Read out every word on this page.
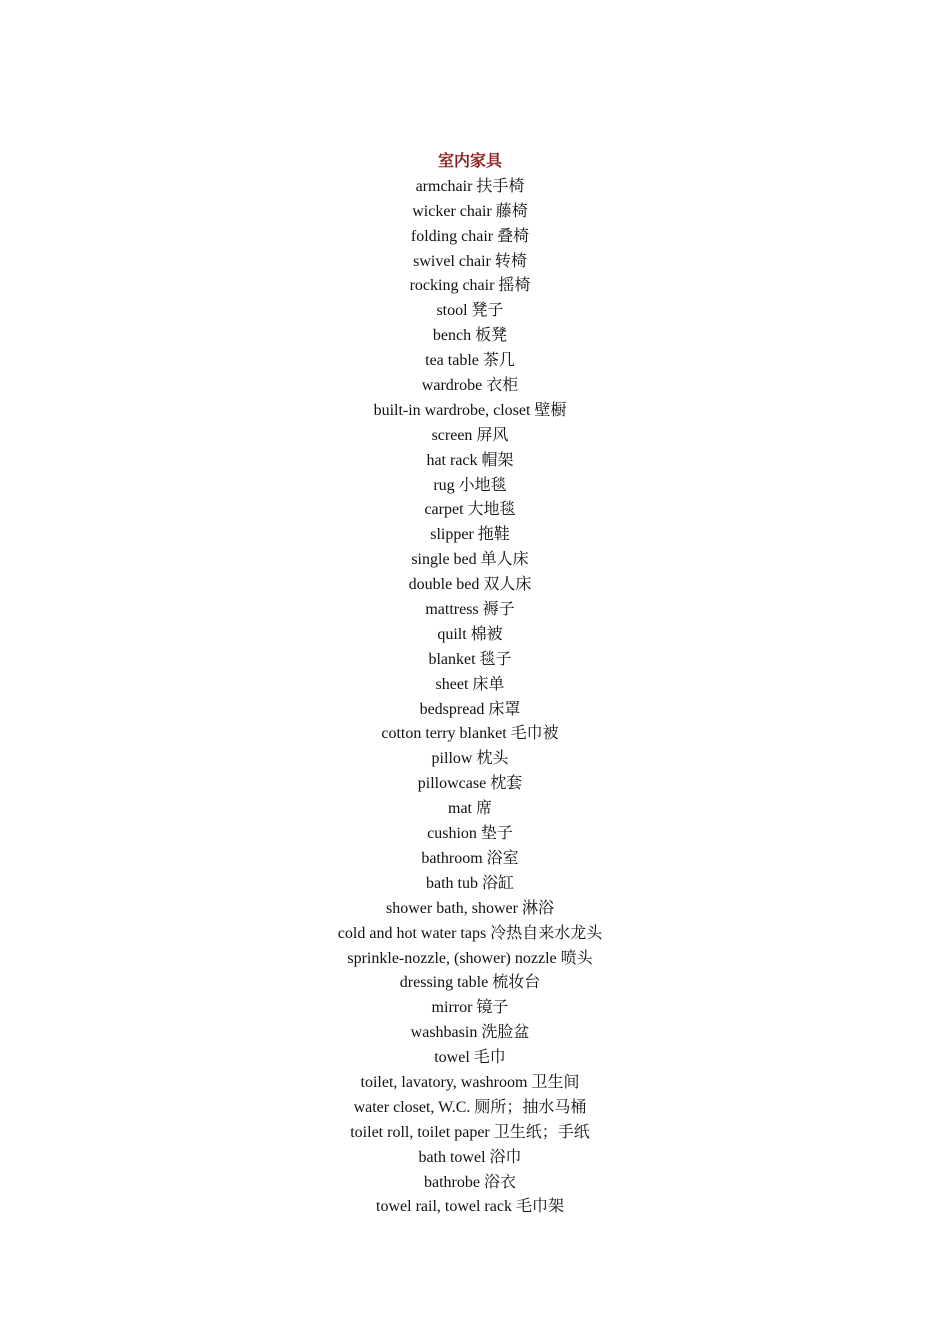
室内家具
armchair 扶手椅
wicker chair 藤椅
folding chair 叠椅
swivel chair 转椅
rocking chair 摇椅
stool 凳子
bench 板凳
tea table 茶几
wardrobe 衣柜
built-in wardrobe, closet 壁橱
screen 屏风
hat rack 帽架
rug 小地毯
carpet 大地毯
slipper 拖鞋
single bed 单人床
double bed 双人床
mattress 褥子
quilt 棉被
blanket 毯子
sheet 床单
bedspread 床罩
cotton terry blanket 毛巾被
pillow 枕头
pillowcase 枕套
mat 席
cushion 垫子
bathroom 浴室
bath tub 浴缸
shower bath, shower 淋浴
cold and hot water taps 冷热自来水龙头
sprinkle-nozzle, (shower) nozzle 喷头
dressing table 梳妆台
mirror 镜子
washbasin 洗脸盆
towel 毛巾
toilet, lavatory, washroom 卫生间
water closet, W.C. 厕所；抽水马桶
toilet roll, toilet paper 卫生纸；手纸
bath towel 浴巾
bathrobe 浴衣
towel rail, towel rack 毛巾架
